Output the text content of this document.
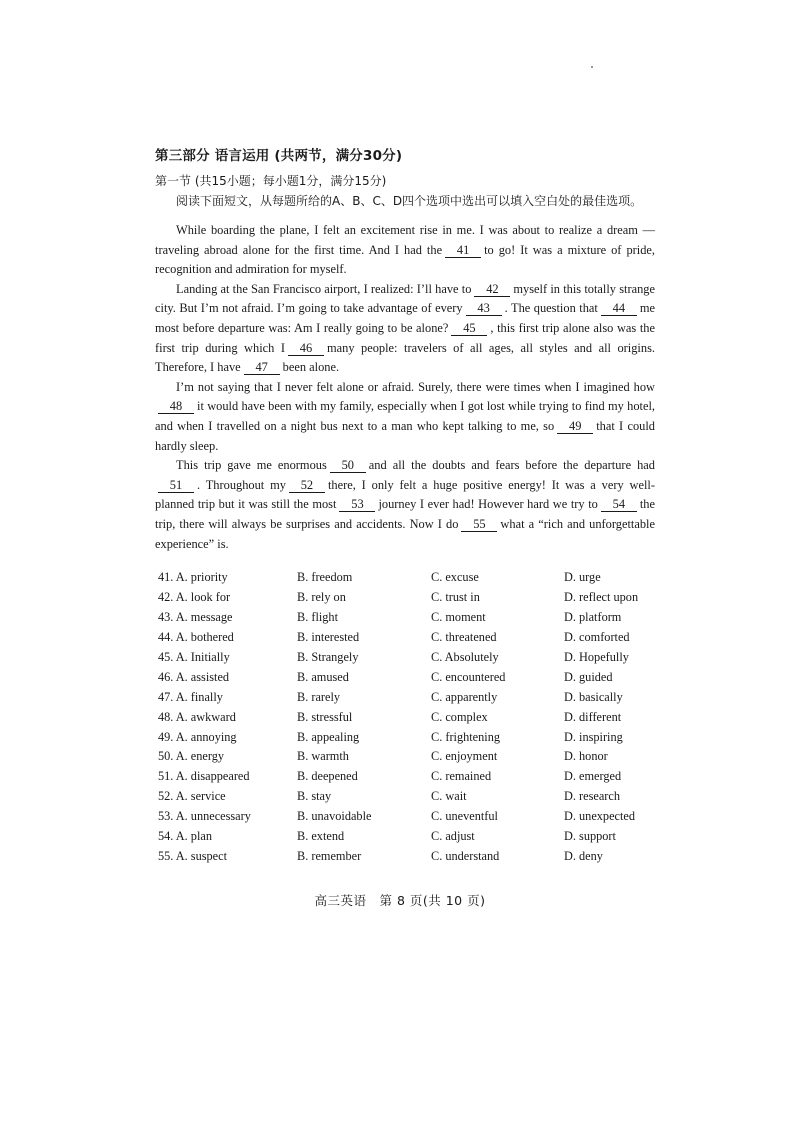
第三部分 语言运用 (共两节，满分30分)

第一节 (共15小题；每小题1分，满分15分)

阅读下面短文，从每题所给的A、B、C、D四个选项中选出可以填入空白处的最佳选项。

While boarding the plane, I felt an excitement rise in me. I was about to realize a dream — traveling abroad alone for the first time. And I had the 41 to go! It was a mixture of pride, recognition and admiration for myself.

Landing at the San Francisco airport, I realized: I’ll have to 42 myself in this totally strange city. But I’m not afraid. I’m going to take advantage of every 43 . The question that 44 me most before departure was: Am I really going to be alone? 45 , this first trip alone also was the first trip during which I 46 many people: travelers of all ages, all styles and all origins. Therefore, I have 47 been alone.

I’m not saying that I never felt alone or afraid. Surely, there were times when I imagined how48 it would have been with my family, especially when I got lost while trying to find my hotel, and when I travelled on a night bus next to a man who kept talking to me, so 49 that I could hardly sleep.

This trip gave me enormous 50 and all the doubts and fears before the departure had51 . Throughout my 52 there, I only felt a huge positive energy! It was a very well-planned trip but it was still the most 53 journey I ever had! However hard we try to 54 the trip, there will always be surprises and accidents. Now I do 55 what a “rich and unforgettable experience” is.

41. A. priority	B. freedom	C. excuse	D. urge
42. A. look for	B. rely on	C. trust in	D. reflect upon
43. A. message	B. flight	C. moment	D. platform
44. A. bothered	B. interested	C. threatened	D. comforted
45. A. Initially	B. Strangely	C. Absolutely	D. Hopefully
46. A. assisted	B. amused	C. encountered	D. guided
47. A. finally	B. rarely	C. apparently	D. basically
48. A. awkward	B. stressful	C. complex	D. different
49. A. annoying	B. appealing	C. frightening	D. inspiring
50. A. energy	B. warmth	C. enjoyment	D. honor
51. A. disappeared	B. deepened	C. remained	D. emerged
52. A. service	B. stay	C. wait	D. research
53. A. unnecessary	B. unavoidable	C. uneventful	D. unexpected
54. A. plan	B. extend	C. adjust	D. support
55. A. suspect	B. remember	C. understand	D. deny
高三英语　第 8 页(共 10 页)
